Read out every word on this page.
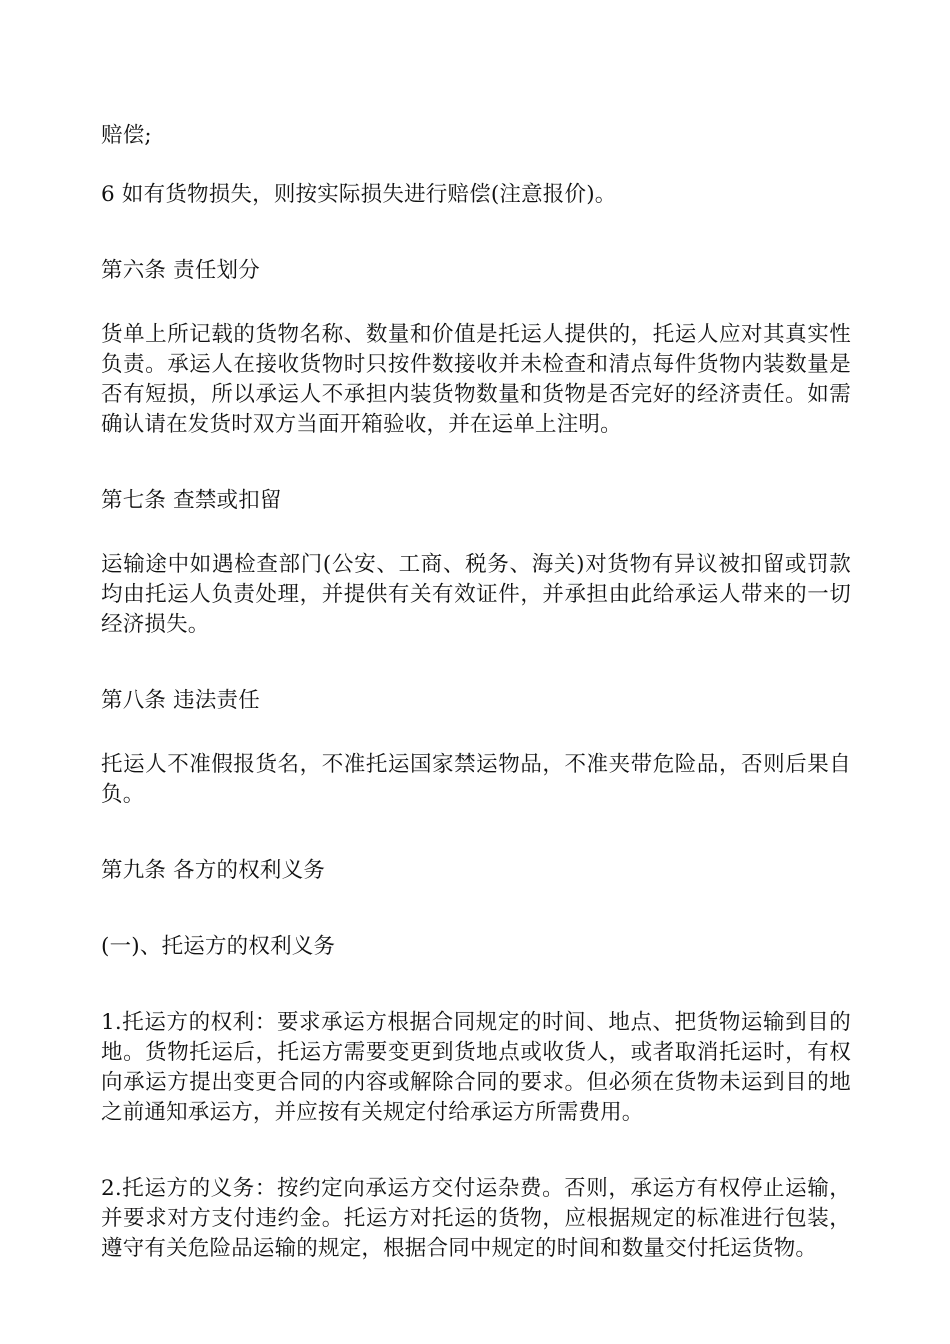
赔偿;

6 如有货物损失，则按实际损失进行赔偿(注意报价)。

第六条 责任划分

货单上所记载的货物名称、数量和价值是托运人提供的，托运人应对其真实性负责。承运人在接收货物时只按件数接收并未检查和清点每件货物内装数量是否有短损，所以承运人不承担内装货物数量和货物是否完好的经济责任。如需确认请在发货时双方当面开箱验收，并在运单上注明。

第七条 查禁或扣留

运输途中如遇检查部门(公安、工商、税务、海关)对货物有异议被扣留或罚款均由托运人负责处理，并提供有关有效证件，并承担由此给承运人带来的一切经济损失。

第八条 违法责任

托运人不准假报货名，不准托运国家禁运物品，不准夹带危险品，否则后果自负。

第九条 各方的权利义务

(一)、托运方的权利义务

1.托运方的权利：要求承运方根据合同规定的时间、地点、把货物运输到目的地。货物托运后，托运方需要变更到货地点或收货人，或者取消托运时，有权向承运方提出变更合同的内容或解除合同的要求。但必须在货物未运到目的地之前通知承运方，并应按有关规定付给承运方所需费用。

2.托运方的义务：按约定向承运方交付运杂费。否则，承运方有权停止运输，并要求对方支付违约金。托运方对托运的货物，应根据规定的标准进行包装，遵守有关危险品运输的规定，根据合同中规定的时间和数量交付托运货物。
